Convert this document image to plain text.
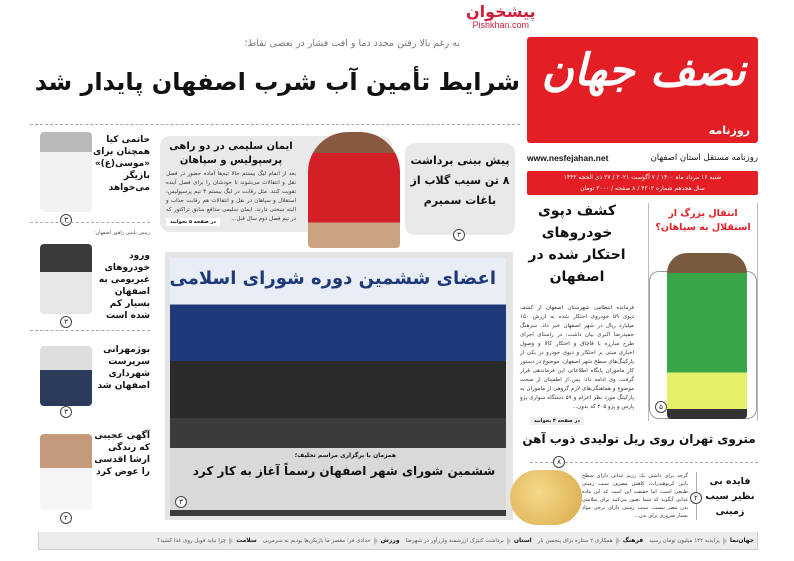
پیشخوان
Pishkhan.com
نصف جهان
روزنامه
www.nesfejahan.net	روزنامه مستقل استان اصفهان
شنبه ۱۶ مرداد ماه ۱۴۰۰ / ۷ آگوست ۲۰۲۱ / ۲۷ ذی الحجه ۱۴۴۲
سال هجدهم شماره ۴۲۰۲ / ۸ صفحه / ۲۰۰۰ تومان
به رغم بالا رفتن مجدد دما و افت فشار در بعضی نقاط؛
شرایط تأمین آب شرب اصفهان پایدار شد
حاتمی کیا همچنان برای «موسی(ع)» بازیگر می‌خواهد
۳
رییس پلیس راهور اصفهان:
ورود خودروهای غیربومی به اصفهان بسیار کم شده است
۳
بوژمهرانی سرپرست شهرداری اصفهان شد
۳
آگهی عجیبی که زندگی ارشا اقدسی را عوض کرد
۲
ایمان سلیمی در دو راهی پرسپولیس و سپاهان
بعد از اتمام لیگ بیستم حالا تیم‌ها آماده حضور در فصل نقل و انتقالات می‌شوند تا خودشان را برای فصل آینده تقویت کنند. مثل رقابت در لیگ بیستم ۳ تیم پرسپولیس، استقلال و سپاهان در نقل و انتقالات هم رقابت جذاب و البته سختی دارند. ایمان سلیمی مدافع سابق تراکتور که در نیم فصل دوم سال قبل...
در صفحه ۵ بخوانید
پیش بینی برداشت ۸ تن سیب گلاب از باغات سمیرم
۳
اعضای ششمین دوره شورای اسلامی
همزمان با برگزاری مراسم تحلیف؛
ششمین شورای شهر اصفهان رسماً آغاز به کار کرد
۳
کشف دپوی خودروهای احتکار شده در اصفهان
فرمانده انتظامی شهرستان اصفهان از کشف دپوی ۵۹ خودروی احتکار شده به ارزش ۱۵۰ میلیارد ریال در شهر اصفهان خبر داد. سرهنگ حمیدرضا اکبری بیان داشت: در راستای اجرای طرح مبارزه با قاچاق و احتکار کالا و وصول اخباری مبنی بر احتکار و دپوی خودرو در یکی از پارکینگ‌های سطح شهر اصفهان، موضوع در دستور کار ماموران پایگاه اطلاعاتی این فرماندهی قرار گرفت. وی ادامه داد: پس از اطمینان از صحت موضوع و هماهنگی‌های لازم گروهی از ماموران به پارکینگ مورد نظر اعزام و ۵۹ دستگاه سواری پژو پارس و پژو ۴۰۵ که بدون...
در صفحه ۴ بخوانید
انتقال بزرگ از استقلال به سپاهان؟
۵
متروی تهران روی ریل تولیدی ذوب آهن
۸
گرچه برای داشتن یک رژیم غذایی دارای سطح پایین کربوهیدرات، کاهش مصرف سیب زمینی طبیعی است، اما حقیقت این است که این ماده غذایی آنگونه که شما تصور می‌کنید برای سلامتی بدن مضر نیست. سیب زمینی دارای برخی مواد بسیار ضروری برای بدن...
۲
فایده بی نظیر سیب زمینی
جهان‌نما
پرایدبه ۱۴۲ میلیون تومان رسید
فرهنگ
همکاری ۲ ستاره برای پنجمین بار
استان
برداشت کنیزک ارزشمند وارزآور در شهرضا
ورزش
حدادی فر: مقصر ما بازیکن‌ها بودیم نه سرمربی
سلامت
چرا نباید فویل روی غذا کشید؟
